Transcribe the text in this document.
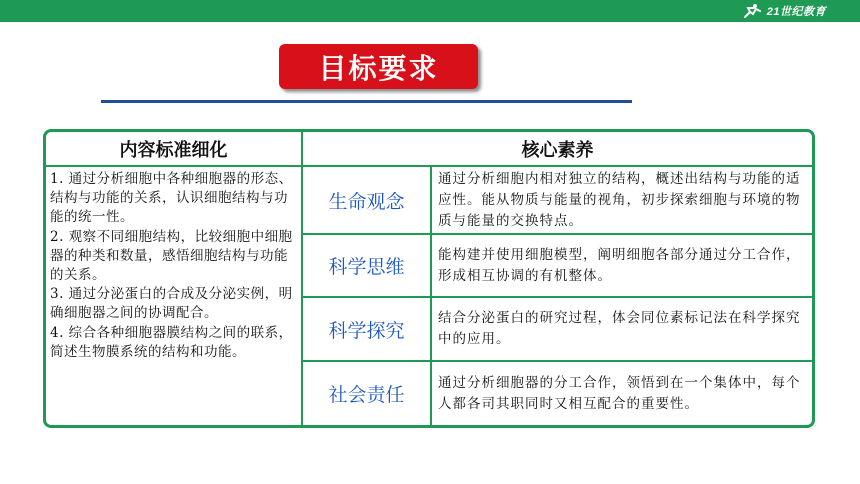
21世纪教育
目标要求
内容标准细化	核心素养

1. 通过分析细胞中各种细胞器的形态、结构与功能的关系，认识细胞结构与功能的统一性。

2. 观察不同细胞结构，比较细胞中细胞器的种类和数量，感悟细胞结构与功能的关系。

3. 通过分泌蛋白的合成及分泌实例，明确细胞器之间的协调配合。

4. 综合各种细胞器膜结构之间的联系，简述生物膜系统的结构和功能。

生命观念
通过分析细胞内相对独立的结构，概述出结构与功能的适应性。能从物质与能量的视角，初步探索细胞与环境的物质与能量的交换特点。
科学思维
能构建并使用细胞模型，阐明细胞各部分通过分工合作，形成相互协调的有机整体。
科学探究
结合分泌蛋白的研究过程，体会同位素标记法在科学探究中的应用。
社会责任
通过分析细胞器的分工合作，领悟到在一个集体中，每个人都各司其职同时又相互配合的重要性。
